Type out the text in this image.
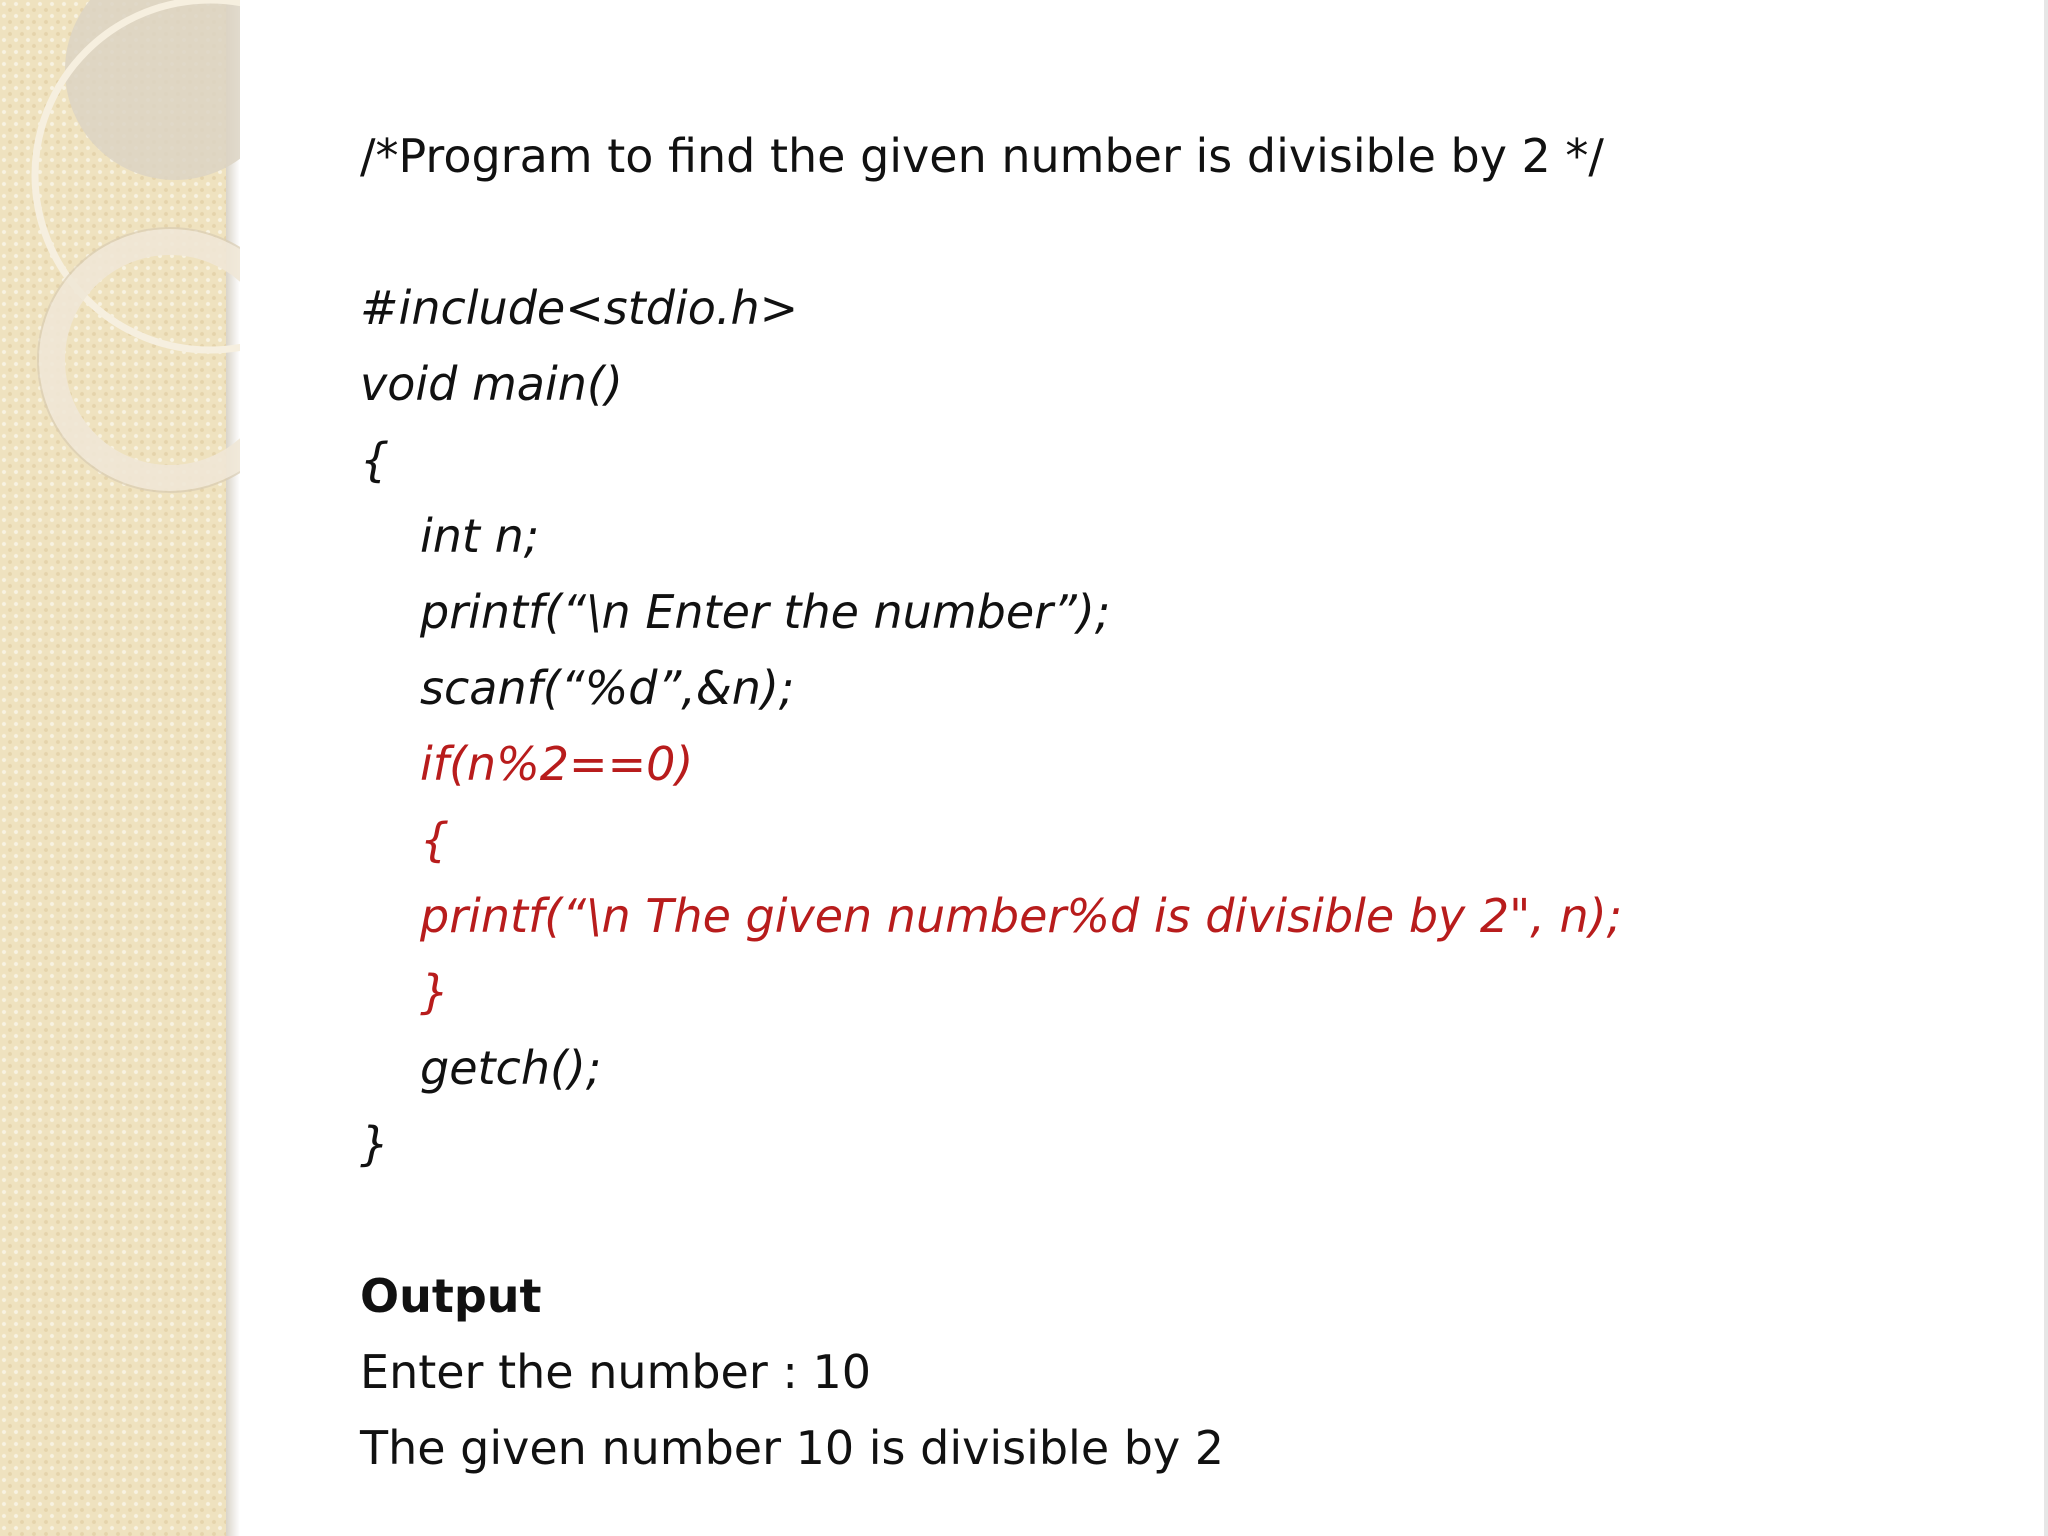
/*Program to find the given number is divisible by 2 */
#include<stdio.h>
void main()
{
int n;
printf(“\n Enter the number”);
scanf(“%d”,&n);
if(n%2==0)
{
printf(“\n The given number%d is divisible by 2", n);
}
getch();
}
Output
Enter the number : 10
The given number 10 is divisible by 2
